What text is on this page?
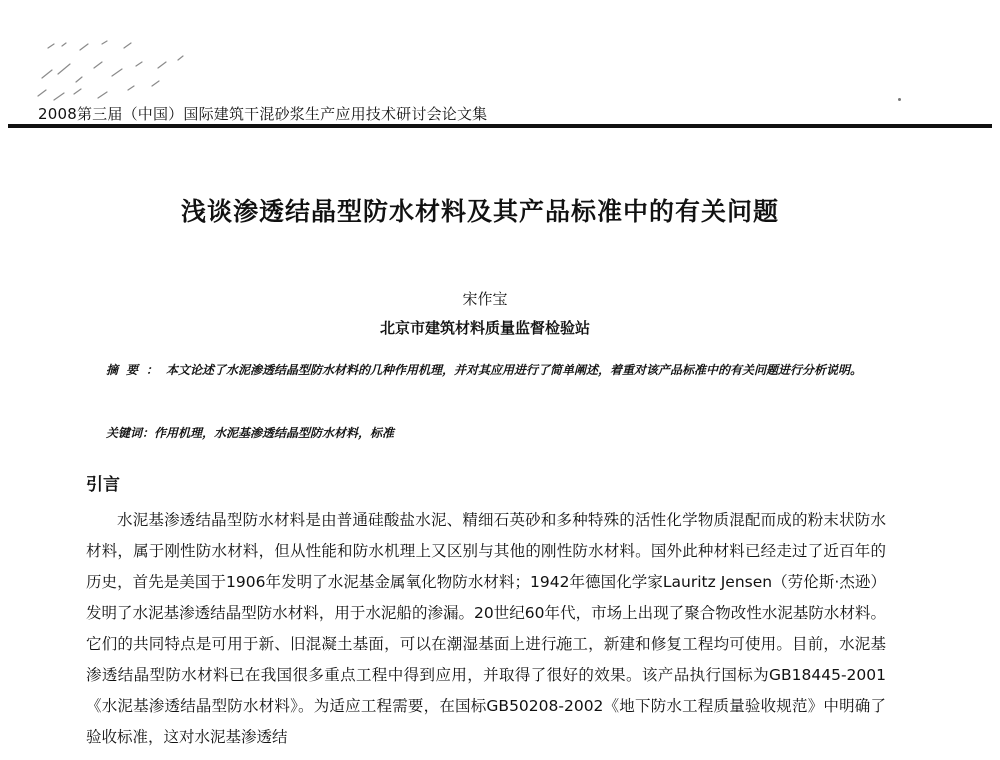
2008第三届（中国）国际建筑干混砂浆生产应用技术研讨会论文集
浅谈渗透结晶型防水材料及其产品标准中的有关问题
宋作宝
北京市建筑材料质量监督检验站
摘要：本文论述了水泥渗透结晶型防水材料的几种作用机理，并对其应用进行了简单阐述，着重对该产品标准中的有关问题进行分析说明。
关键词：作用机理，水泥基渗透结晶型防水材料，标准
引言

水泥基渗透结晶型防水材料是由普通硅酸盐水泥、精细石英砂和多种特殊的活性化学物质混配而成的粉末状防水材料，属于刚性防水材料，但从性能和防水机理上又区别与其他的刚性防水材料。国外此种材料已经走过了近百年的历史，首先是美国于1906年发明了水泥基金属氧化物防水材料；1942年德国化学家Lauritz Jensen（劳伦斯·杰逊）发明了水泥基渗透结晶型防水材料，用于水泥船的渗漏。20世纪60年代，市场上出现了聚合物改性水泥基防水材料。它们的共同特点是可用于新、旧混凝土基面，可以在潮湿基面上进行施工，新建和修复工程均可使用。目前，水泥基渗透结晶型防水材料已在我国很多重点工程中得到应用，并取得了很好的效果。该产品执行国标为GB18445-2001《水泥基渗透结晶型防水材料》。为适应工程需要，在国标GB50208-2002《地下防水工程质量验收规范》中明确了验收标准，这对水泥基渗透结
